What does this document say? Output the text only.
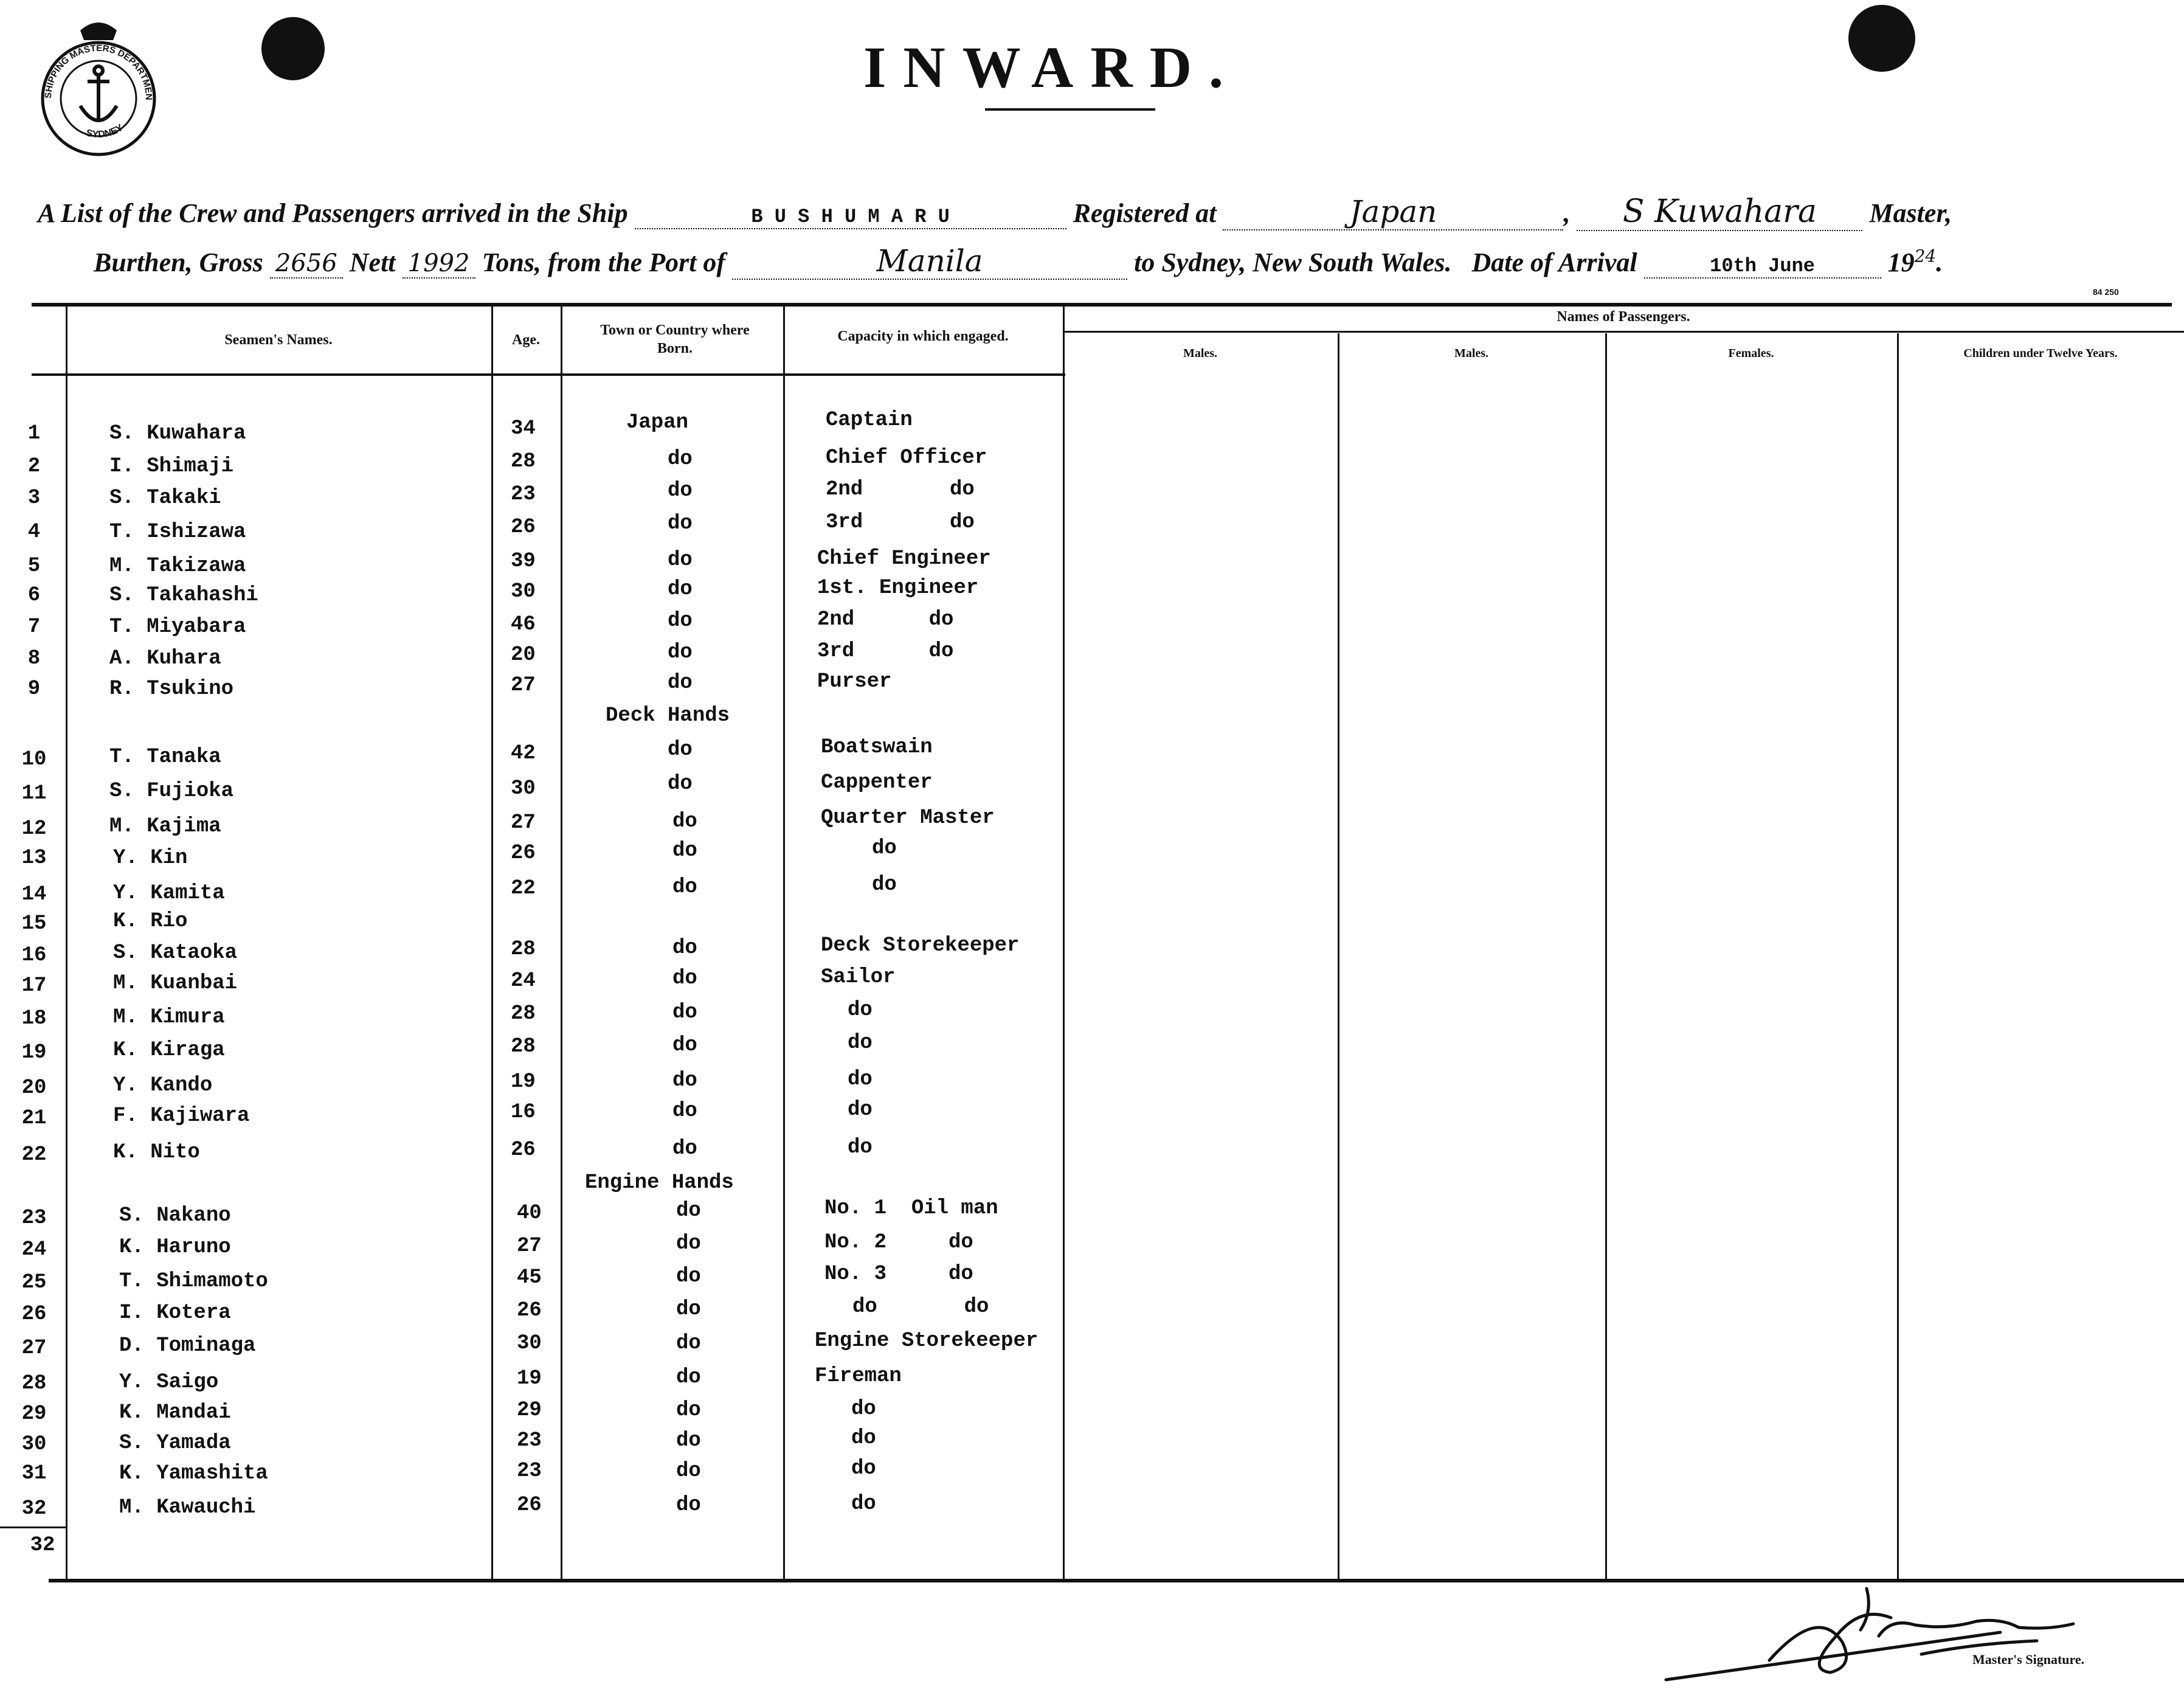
SHIPPING MASTERS DEPARTMEN
SYDNEY
INWARD.
A List of the Crew and Passengers arrived in the Ship	B U S H U M A R U	Registered at	Japan	, S Kuwahara Master,
Burthen, Gross 2656 Nett 1992 Tons, from the Port of	Manila	to Sydney, New South Wales. Date of Arrival	10th June	$19^{24}$.
84 250
Seamen's Names.	Age.
Town or Country where Born.
Capacity in which engaged.
Names of Passengers.
Males.	Males.	Females.	Children under Twelve Years.
1	S. Kuwahara	34	Japan	Captain
2	I. Shimaji	28	do	Chief Officer
3	S. Takaki	23	do	2nd       do
4	T. Ishizawa	26	do	3rd       do
5	M. Takizawa	39	do	Chief Engineer
6	S. Takahashi	30	do	1st. Engineer
7	T. Miyabara	46	do	2nd      do
8	A. Kuhara	20	do	3rd      do
9	R. Tsukino	27	do	Purser
Deck Hands
10	T. Tanaka	42	do	Boatswain
11	S. Fujioka	30	do	Cappenter
12	M. Kajima	27	do	Quarter Master
13	Y. Kin	26	do	do
14	Y. Kamita	22	do	do
15	K. Rio
16	S. Kataoka	28	do	Deck Storekeeper
17	M. Kuanbai	24	do	Sailor
18	M. Kimura	28	do	do
19	K. Kiraga	28	do	do
20	Y. Kando	19	do	do
21	F. Kajiwara	16	do	do
22	K. Nito	26	do	do
Engine Hands
23	S. Nakano	40	do	No. 1  Oil man
24	K. Haruno	27	do	No. 2     do
25	T. Shimamoto	45	do	No. 3     do
26	I. Kotera	26	do	do       do
27	D. Tominaga	30	do	Engine Storekeeper
28	Y. Saigo	19	do	Fireman
29	K. Mandai	29	do	do
30	S. Yamada	23	do	do
31	K. Yamashita	23	do	do
32	M. Kawauchi	26	do	do
32
Master's Signature.
